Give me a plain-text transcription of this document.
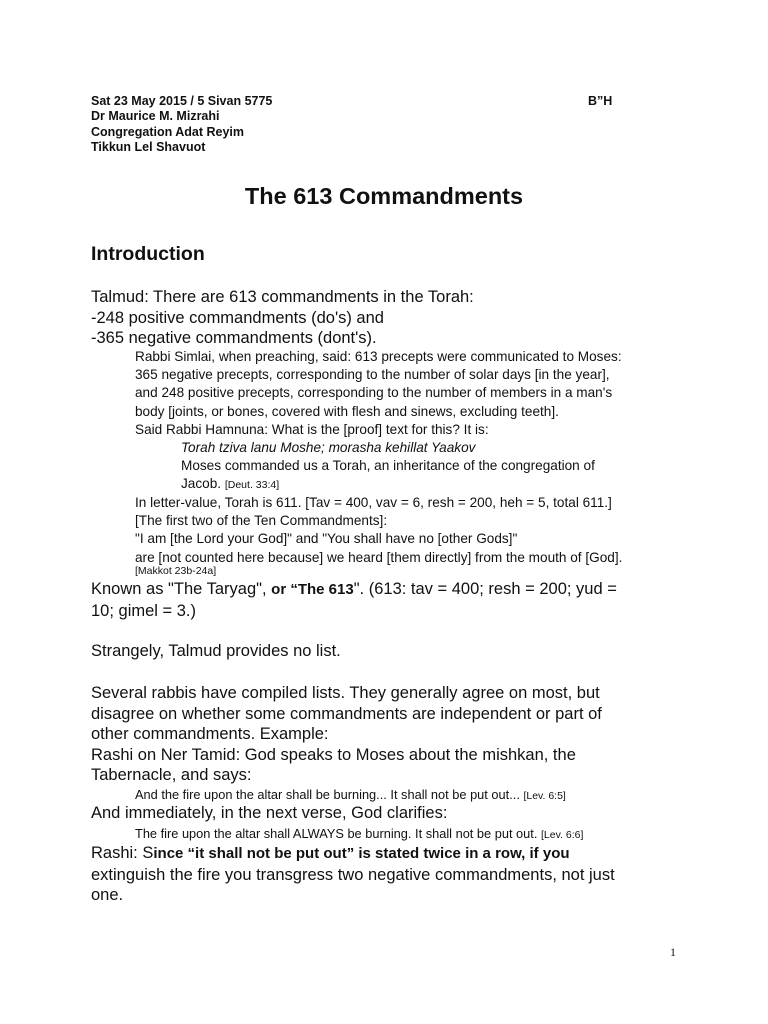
Sat 23 May 2015 / 5 Sivan 5775	B”H
Dr Maurice M. Mizrahi
Congregation Adat Reyim
Tikkun Lel Shavuot
The 613 Commandments
Introduction

Talmud: There are 613 commandments in the Torah:
-248 positive commandments (do's) and
-365 negative commandments (dont's).

Rabbi Simlai, when preaching, said: 613 precepts were communicated to Moses:
365 negative precepts, corresponding to the number of solar days [in the year],
and 248 positive precepts, corresponding to the number of members in a man's
body [joints, or bones, covered with flesh and sinews, excluding teeth].
Said Rabbi Hamnuna: What is the [proof] text for this? It is:

Torah tziva lanu Moshe; morasha kehillat Yaakov
Moses commanded us a Torah, an inheritance of the congregation of
Jacob. [Deut. 33:4]

In letter-value, Torah is 611. [Tav = 400, vav = 6, resh = 200, heh = 5, total 611.]
[The first two of the Ten Commandments]:
"I am [the Lord your God]" and "You shall have no [other Gods]"
are [not counted here because] we heard [them directly] from the mouth of [God].

[Makkot 23b-24a]

Known as "The Taryag", or “The 613". (613: tav = 400; resh = 200; yud =
10; gimel = 3.)

Strangely, Talmud provides no list.

Several rabbis have compiled lists. They generally agree on most, but
disagree on whether some commandments are independent or part of
other commandments. Example:
Rashi on Ner Tamid: God speaks to Moses about the mishkan, the
Tabernacle, and says:

And the fire upon the altar shall be burning... It shall not be put out... [Lev. 6:5]

And immediately, in the next verse, God clarifies:

The fire upon the altar shall ALWAYS be burning. It shall not be put out. [Lev. 6:6]

Rashi: Since “it shall not be put out” is stated twice in a row, if you
extinguish the fire you transgress two negative commandments, not just
one.

1
